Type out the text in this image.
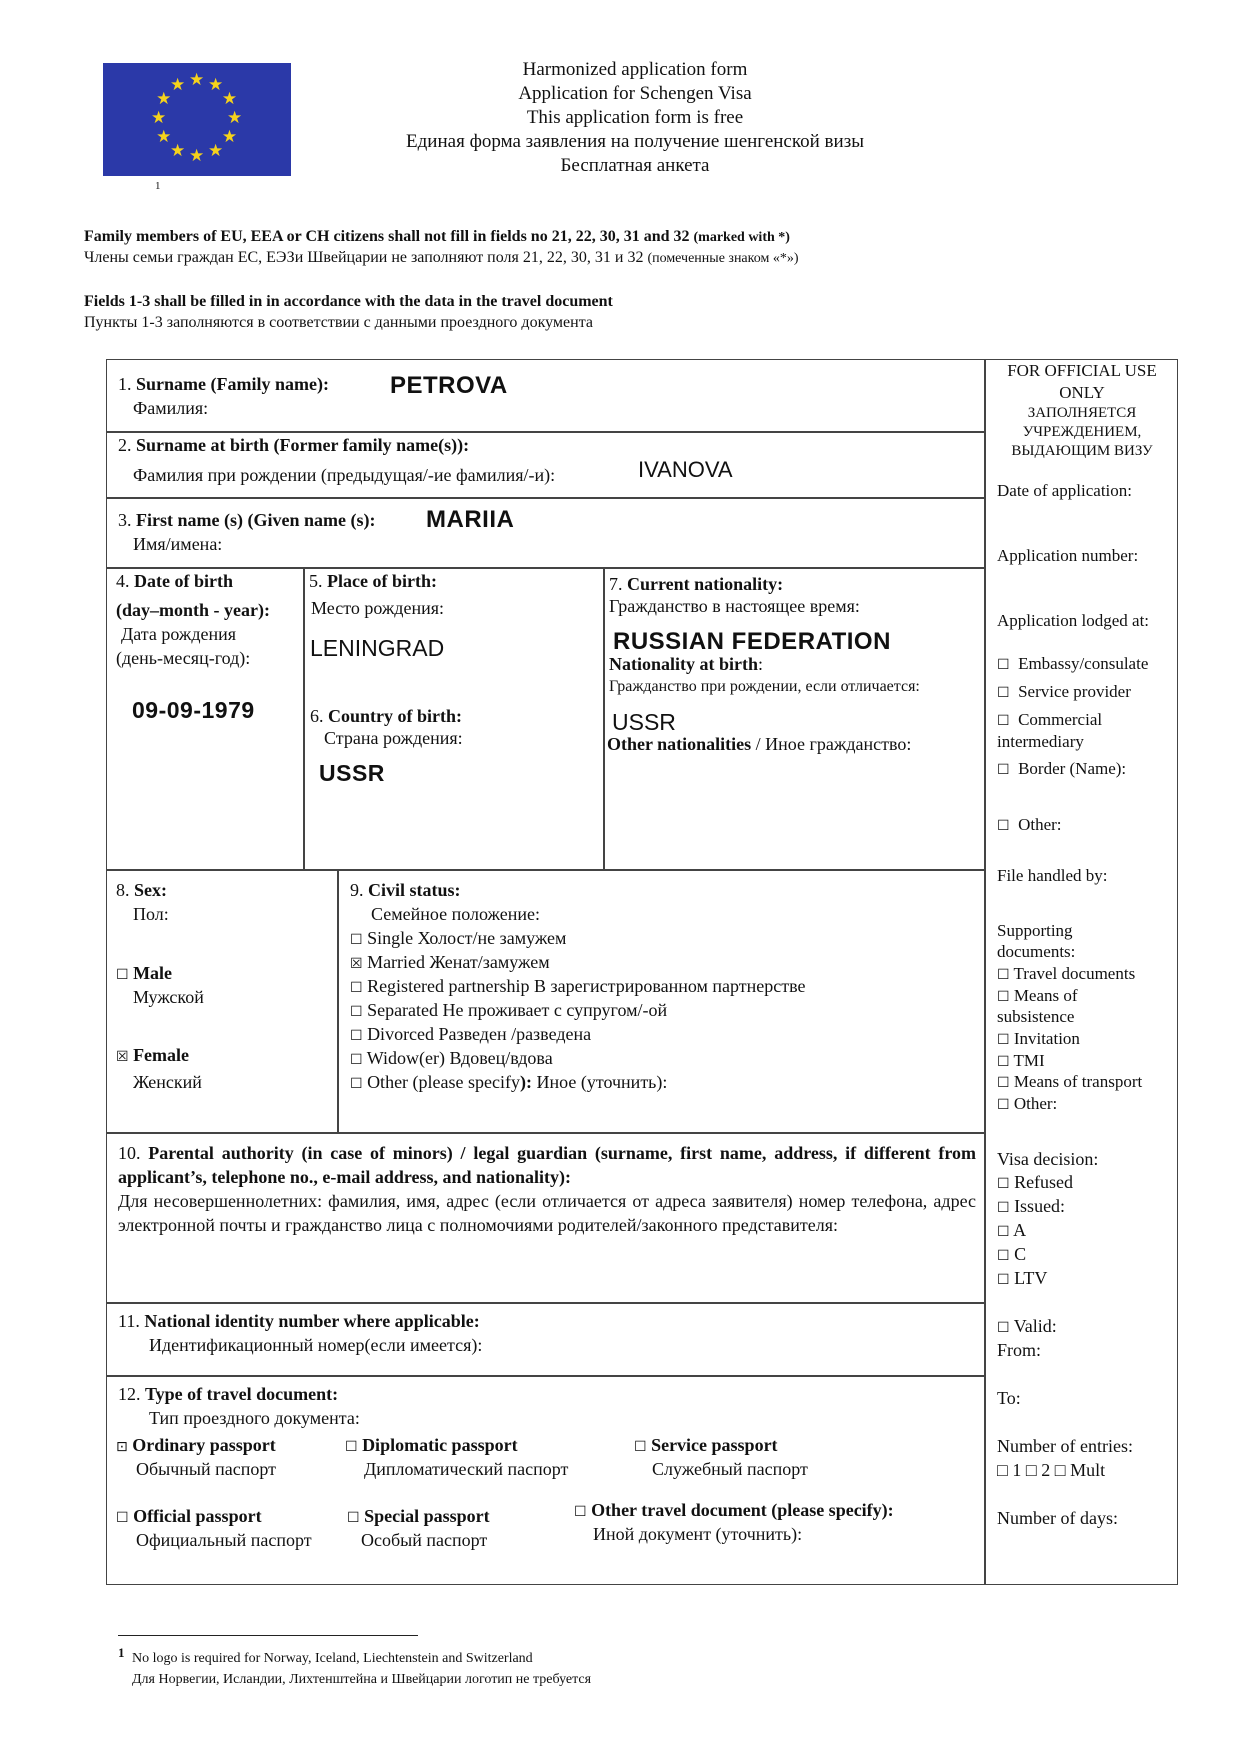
★ ★
★
★
★
★
★
★
★
★
★
★
1
Harmonized application form
Application for Schengen Visa
This application form is free
Единая форма заявления на получение шенгенской визы
Бесплатная анкета
Family members of EU, EEA or CH citizens shall not fill in fields no 21, 22, 30, 31 and 32 (marked with *)
Члены семьи граждан ЕС, ЕЭЗи Швейцарии не заполняют поля 21, 22, 30, 31 и 32 (помеченные знаком «*»)
Fields 1-3 shall be filled in in accordance with the data in the travel document
Пункты 1-3 заполняются в соответствии с данными проездного документа
1. Surname (Family name):
Фамилия:
PETROVA
2. Surname at birth (Former family name(s)):
Фамилия при рождении (предыдущая/-ие фамилия/-и):	IVANOVA
3. First name (s) (Given name (s):
Имя/имена:
MARIIA
4. Date of birth
(day–month - year):
Дата рождения
(день-месяц-год):
09-09-1979
5. Place of birth:
Место рождения:
LENINGRAD
6. Country of birth:
Страна рождения:
USSR
7. Current nationality:
Гражданство в настоящее время:
RUSSIAN FEDERATION
Nationality at birth:
Гражданство при рождении, если отличается:
USSR
Other nationalities / Иное гражданство:
8. Sex:
Пол:
☐ Male
Мужской
☒ Female
Женский
9. Civil status:
Семейное положение:
☐ Single Холост/не замужем
☒ Married Женат/замужем
☐ Registered partnership В зарегистрированном партнерстве
☐ Separated Не проживает с супругом/-ой
☐ Divorced Разведен /разведена
☐ Widow(er) Вдовец/вдова
☐ Other (please specify): Иное (уточнить):
10. Parental authority (in case of minors) / legal guardian (surname, first name, address, if different from applicant’s, telephone no., e-mail address, and nationality):
Для несовершеннолетних: фамилия, имя, адрес (если отличается от адреса заявителя) номер телефона, адрес электронной почты и гражданство лица с полномочиями родителей/законного представителя:
11. National identity number where applicable:
Идентификационный номер(если имеется):
12. Type of travel document:
Тип проездного документа:
⊡ Ordinary passport
Обычный паспорт
☐ Diplomatic passport
Дипломатический паспорт
☐ Service passport
Служебный паспорт
☐ Official passport
Официальный паспорт
☐ Special passport
Особый паспорт
☐ Other travel document (please specify):
Иной документ (уточнить):
FOR OFFICIAL USE
ONLY
ЗАПОЛНЯЕТСЯ
УЧРЕЖДЕНИЕМ,
ВЫДАЮЩИМ ВИЗУ
Date of application:
Application number:
Application lodged at:
☐ Embassy/consulate
☐ Service provider
☐ Commercial
intermediary
☐ Border (Name):
☐ Other:
File handled by:
Supporting
documents:
☐ Travel documents
☐ Means of
subsistence
☐ Invitation
☐ TMI
☐ Means of transport
☐ Other:
Visa decision:
☐ Refused
☐ Issued:
☐ A
☐ C
☐ LTV
☐ Valid:
From:
To:
Number of entries:
□ 1 □ 2 □ Mult
Number of days:
1 No logo is required for Norway, Iceland, Liechtenstein and Switzerland
Для Норвегии, Исландии, Лихтенштейна и Швейцарии логотип не требуется
